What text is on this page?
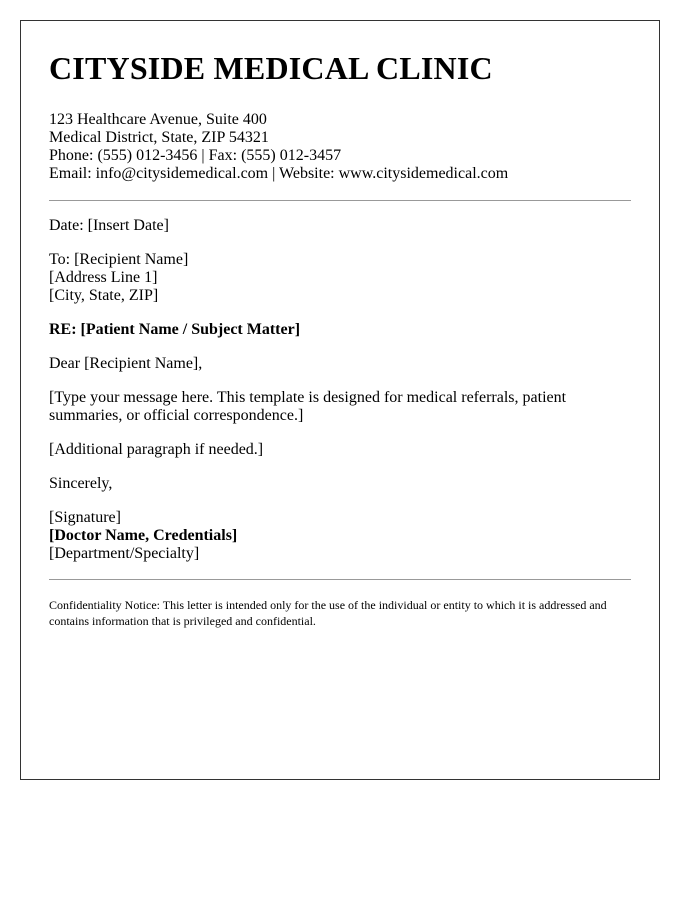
CITYSIDE MEDICAL CLINIC
123 Healthcare Avenue, Suite 400
Medical District, State, ZIP 54321
Phone: (555) 012-3456 | Fax: (555) 012-3457
Email: info@citysidemedical.com | Website: www.citysidemedical.com
Date: [Insert Date]
To: [Recipient Name]
[Address Line 1]
[City, State, ZIP]
RE: [Patient Name / Subject Matter]
Dear [Recipient Name],
[Type your message here. This template is designed for medical referrals, patient summaries, or official correspondence.]
[Additional paragraph if needed.]
Sincerely,
[Signature]
[Doctor Name, Credentials]
[Department/Specialty]
Confidentiality Notice: This letter is intended only for the use of the individual or entity to which it is addressed and contains information that is privileged and confidential.
